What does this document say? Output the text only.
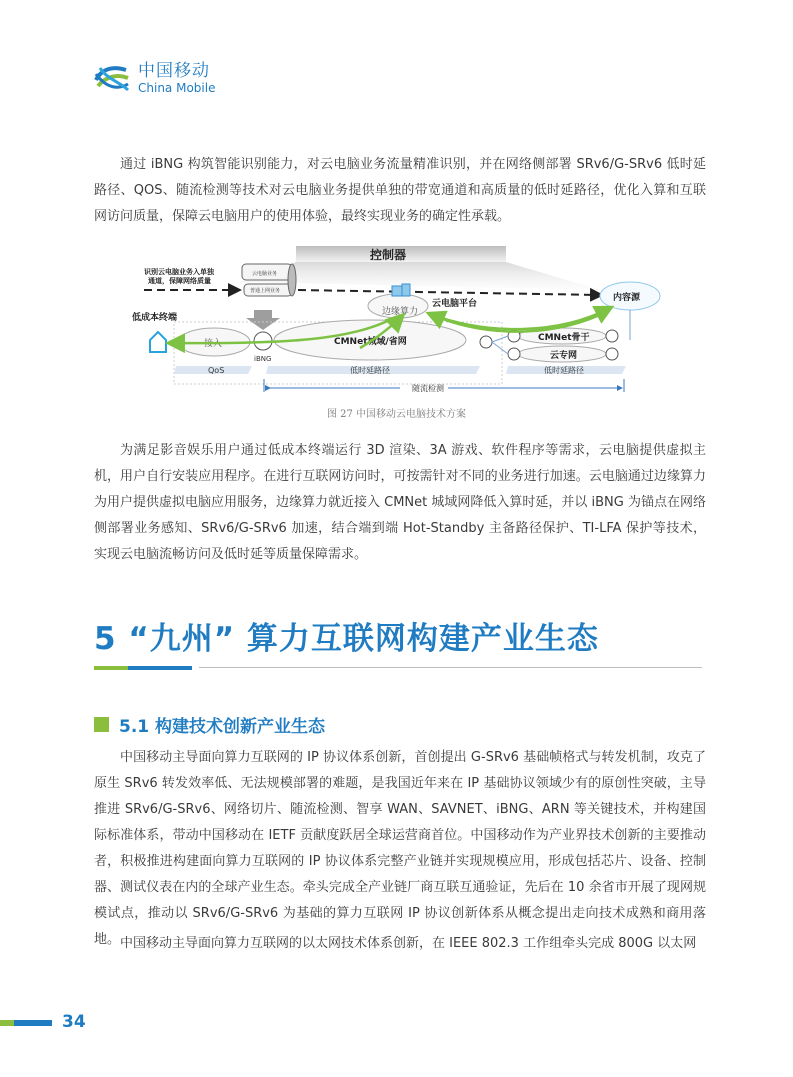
中国移动
China Mobile

通过 iBNG 构筑智能识别能力，对云电脑业务流量精准识别，并在网络侧部署 SRv6/G-SRv6 低时延路径、QOS、随流检测等技术对云电脑业务提供单独的带宽通道和高质量的低时延路径，优化入算和互联网访问质量，保障云电脑用户的使用体验，最终实现业务的确定性承载。

控制器
识别云电脑业务入单独
通道，保障网络质量
云电脑业务
普通上网业务
低成本终端
接入
iBNG
CMNet城域/省网
边缘算力
云电脑平台
内容源
CMNet骨干
云专网
QoS	低时延路径	低时延路径
随流检测
图 27 中国移动云电脑技术方案

为满足影音娱乐用户通过低成本终端运行 3D 渲染、3A 游戏、软件程序等需求，云电脑提供虚拟主机，用户自行安装应用程序。在进行互联网访问时，可按需针对不同的业务进行加速。云电脑通过边缘算力为用户提供虚拟电脑应用服务，边缘算力就近接入 CMNet 城域网降低入算时延，并以 iBNG 为锚点在网络侧部署业务感知、SRv6/G-SRv6 加速，结合端到端 Hot-Standby 主备路径保护、TI-LFA 保护等技术，实现云电脑流畅访问及低时延等质量保障需求。

5 “九州” 算力互联网构建产业生态
5.1 构建技术创新产业生态

中国移动主导面向算力互联网的 IP 协议体系创新，首创提出 G-SRv6 基础帧格式与转发机制，攻克了原生 SRv6 转发效率低、无法规模部署的难题，是我国近年来在 IP 基础协议领域少有的原创性突破，主导推进 SRv6/G-SRv6、网络切片、随流检测、智享 WAN、SAVNET、iBNG、ARN 等关键技术，并构建国际标准体系，带动中国移动在 IETF 贡献度跃居全球运营商首位。中国移动作为产业界技术创新的主要推动者，积极推进构建面向算力互联网的 IP 协议体系完整产业链并实现规模应用，形成包括芯片、设备、控制器、测试仪表在内的全球产业生态。牵头完成全产业链厂商互联互通验证，先后在 10 余省市开展了现网规模试点，推动以 SRv6/G-SRv6 为基础的算力互联网 IP 协议创新体系从概念提出走向技术成熟和商用落地。 中国移动主导面向算力互联网的以太网技术体系创新，在 IEEE 802.3 工作组牵头完成 800G 以太网

34
